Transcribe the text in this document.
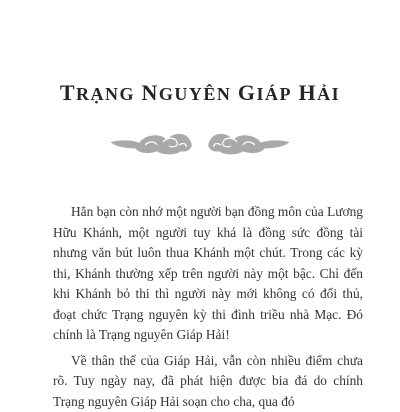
TRẠNG NGUYÊN GIÁP HẢI

Hẳn bạn còn nhớ một người bạn đồng môn của Lương Hữu Khánh, một người tuy khá là đồng sức đồng tài nhưng văn bút luôn thua Khánh một chút. Trong các kỳ thi, Khánh thường xếp trên người này một bậc. Chỉ đến khi Khánh bỏ thi thì người này mới không có đối thủ, đoạt chức Trạng nguyên kỳ thi đình triều nhà Mạc. Đó chính là Trạng nguyên Giáp Hải!

Về thân thế của Giáp Hải, vẫn còn nhiều điểm chưa rõ. Tuy ngày nay, đã phát hiện được bia đá do chính Trạng nguyên Giáp Hải soạn cho cha, qua đó
